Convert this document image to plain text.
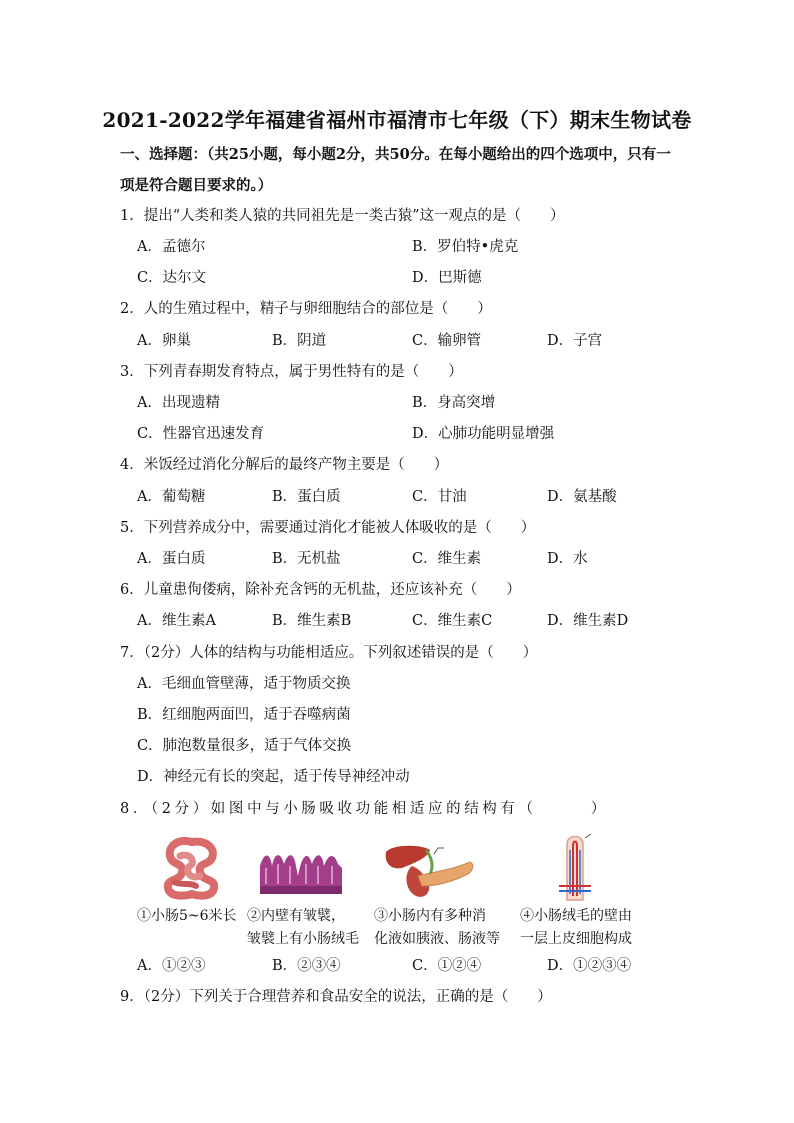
2021-2022学年福建省福州市福清市七年级（下）期末生物试卷
一、选择题：（共25小题，每小题2分，共50分。在每小题给出的四个选项中，只有一
项是符合题目要求的。）
1．提出“人类和类人猿的共同祖先是一类古猿”这一观点的是（　　）
A．孟德尔	B．罗伯特•虎克
C．达尔文	D．巴斯德
2．人的生殖过程中，精子与卵细胞结合的部位是（　　）
A．卵巢	B．阴道	C．输卵管	D．子宫
3．下列青春期发育特点，属于男性特有的是（　　）
A．出现遗精	B．身高突增
C．性器官迅速发育	D．心肺功能明显增强
4．米饭经过消化分解后的最终产物主要是（　　）
A．葡萄糖	B．蛋白质	C．甘油	D．氨基酸
5．下列营养成分中，需要通过消化才能被人体吸收的是（　　）
A．蛋白质	B．无机盐	C．维生素	D．水
6．儿童患佝偻病，除补充含钙的无机盐，还应该补充（　　）
A．维生素A	B．维生素B	C．维生素C	D．维生素D
7．（2分）人体的结构与功能相适应。下列叙述错误的是（　　）
A．毛细血管壁薄，适于物质交换
B．红细胞两面凹，适于吞噬病菌
C．肺泡数量很多，适于气体交换
D．神经元有长的突起，适于传导神经冲动
8．（2分）如图中与小肠吸收功能相适应的结构有（　　　）
①小肠5~6米长 ②内壁有皱襞，
皱襞上有小肠绒毛
③小肠内有多种消
化液如胰液、肠液等
④小肠绒毛的壁由
一层上皮细胞构成
A．①②③	B．②③④	C．①②④	D．①②③④
9．（2分）下列关于合理营养和食品安全的说法，正确的是（　　）
